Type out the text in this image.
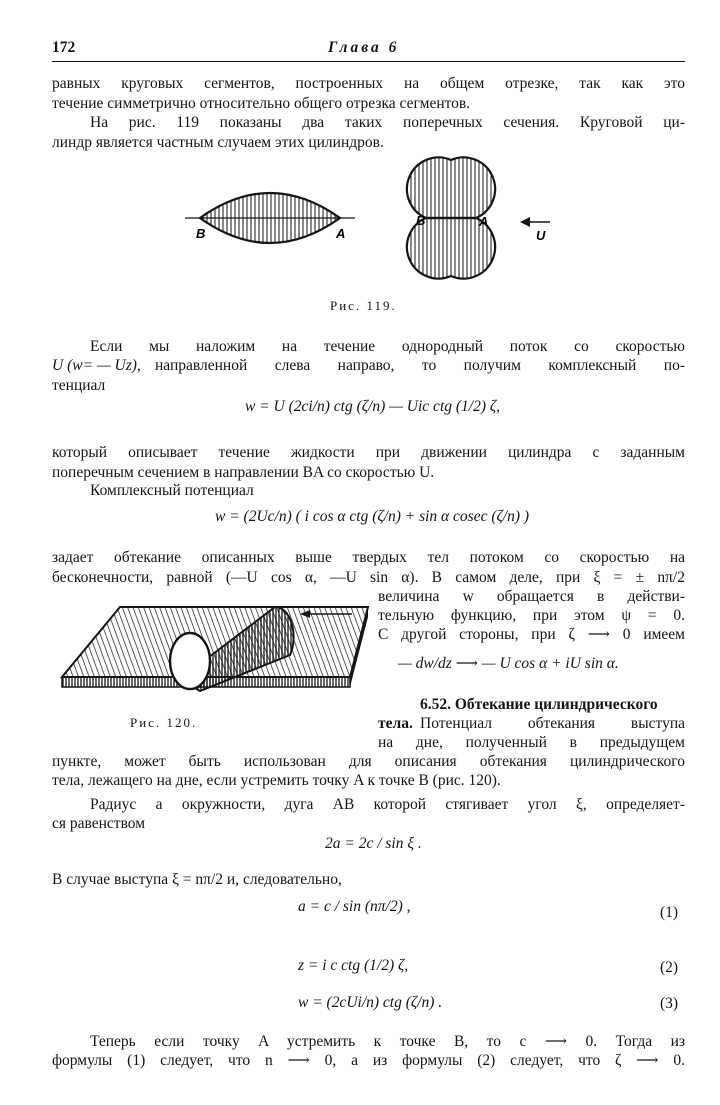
172	Глава 6
равных круговых сегментов, построенных на общем отрезке, так как это
течение симметрично относительно общего отрезка сегментов.
На рис. 119 показаны два таких поперечных сечения. Круговой ци-
линдр является частным случаем этих цилиндров.
B	A
B	A
U
Рис. 119.
Если мы наложим на течение однородный поток со скоростью
U (w= — Uz), направленной слева направо, то получим комплексный по-
тенциал
w = U (2ci/n) ctg (ζ/n) — Uic ctg (1/2) ζ,
который описывает течение жидкости при движении цилиндра с заданным
поперечным сечением в направлении BA со скоростью U.
Комплексный потенциал
w = (2Uc/n) ( i cos α ctg (ζ/n) + sin α cosec (ζ/n) )
задает обтекание описанных выше твердых тел потоком со скоростью на
бесконечности, равной (—U cos α, —U sin α). В самом деле, при ξ = ± nπ/2
величина w обращается в действи-
тельную функцию, при этом ψ = 0.
С другой стороны, при ζ ⟶ 0 имеем
— dw/dz ⟶ — U cos α + iU sin α.
Рис. 120.
6.52. Обтекание цилиндрического
тела. Потенциал обтекания выступа
на дне, полученный в предыдущем
пункте, может быть использован для описания обтекания цилиндрического
тела, лежащего на дне, если устремить точку A к точке B (рис. 120).
Радиус a окружности, дуга AB которой стягивает угол ξ, определяет-
ся равенством
2a = 2c / sin ξ .
В случае выступа ξ = nπ/2 и, следовательно,
a = c / sin (nπ/2) ,	(1)
z = i c ctg (1/2) ζ,	(2)
w = (2cUi/n) ctg (ζ/n) .	(3)
Теперь если точку A устремить к точке B, то c ⟶ 0. Тогда из
формулы (1) следует, что n ⟶ 0, а из формулы (2) следует, что ζ ⟶ 0.
